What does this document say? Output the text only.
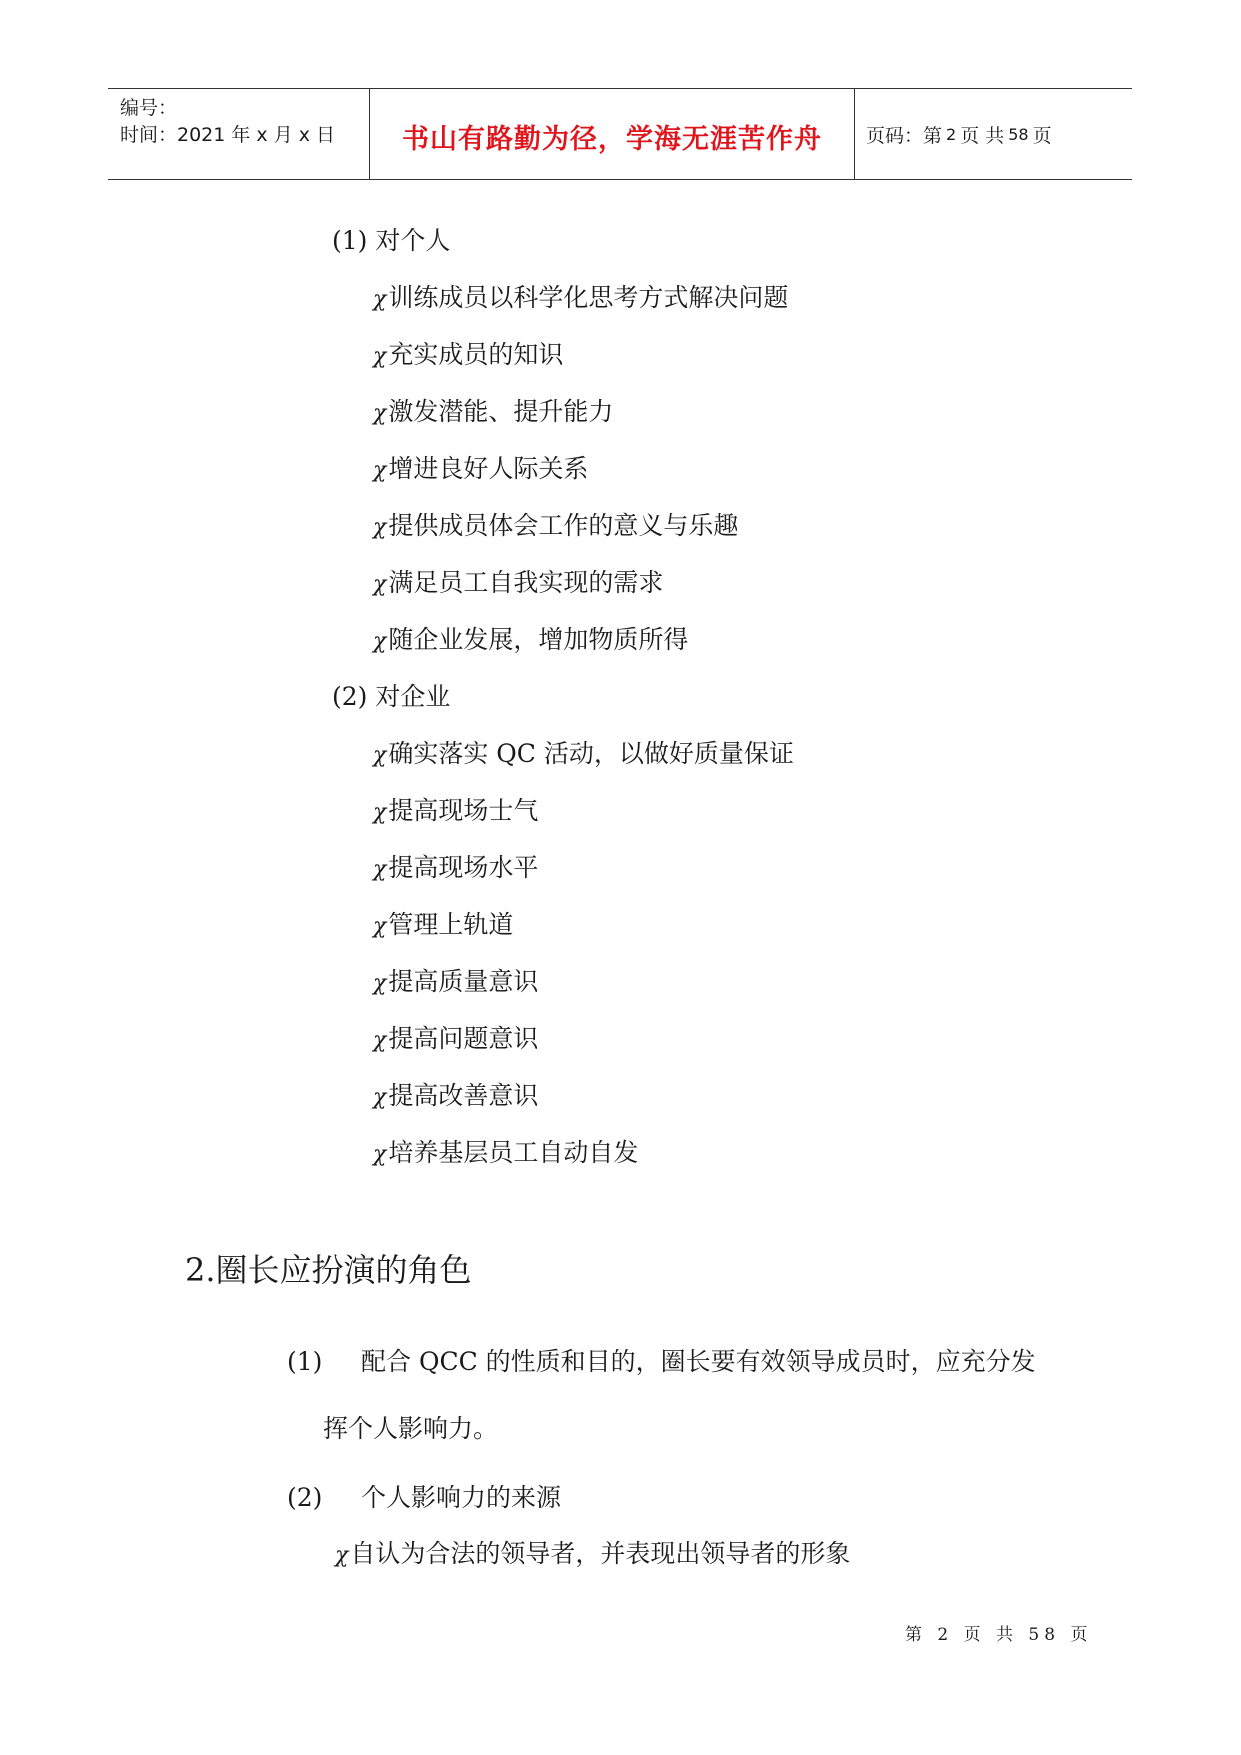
编号：
时间：2021 年 x 月 x 日 书山有路勤为径，学海无涯苦作舟 页码：第 2 页 共 58 页
(1) 对个人
χ训练成员以科学化思考方式解决问题
χ充实成员的知识
χ激发潜能、提升能力
χ增进良好人际关系
χ提供成员体会工作的意义与乐趣
χ满足员工自我实现的需求
χ随企业发展，增加物质所得
(2) 对企业
χ确实落实 QC 活动，以做好质量保证
χ提高现场士气
χ提高现场水平
χ管理上轨道
χ提高质量意识
χ提高问题意识
χ提高改善意识
χ培养基层员工自动自发
2.圈长应扮演的角色
(1) 配合 QCC 的性质和目的，圈长要有效领导成员时，应充分发
挥个人影响力。
(2) 个人影响力的来源
χ自认为合法的领导者，并表现出领导者的形象
第 2 页 共 58 页
